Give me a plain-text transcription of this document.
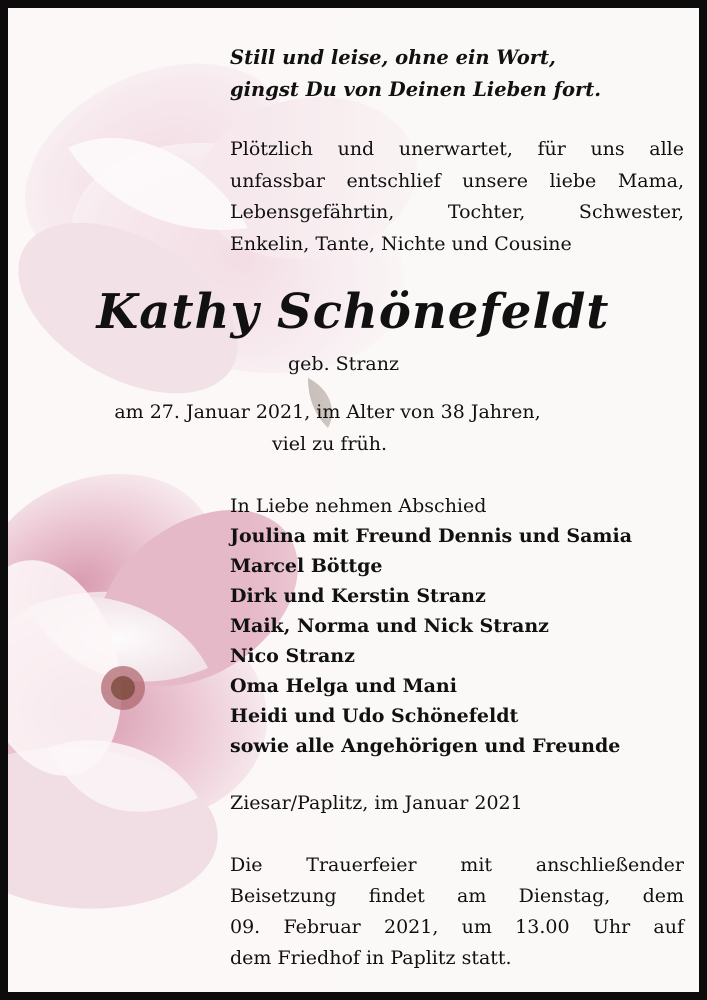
Still und leise, ohne ein Wort,
gingst Du von Deinen Lieben fort.
Plötzlich und unerwartet, für uns alle
unfassbar entschlief unsere liebe Mama,
Lebensgefährtin, Tochter, Schwester,
Enkelin, Tante, Nichte und Cousine
Kathy Schönefeldt
geb. Stranz
am 27. Januar 2021, im Alter von 38 Jahren,
viel zu früh.
In Liebe nehmen Abschied
Joulina mit Freund Dennis und Samia
Marcel Böttge
Dirk und Kerstin Stranz
Maik, Norma und Nick Stranz
Nico Stranz
Oma Helga und Mani
Heidi und Udo Schönefeldt
sowie alle Angehörigen und Freunde
Ziesar/Paplitz, im Januar 2021
Die Trauerfeier mit anschließender
Beisetzung findet am Dienstag, dem
09. Februar 2021, um 13.00 Uhr auf
dem Friedhof in Paplitz statt.
